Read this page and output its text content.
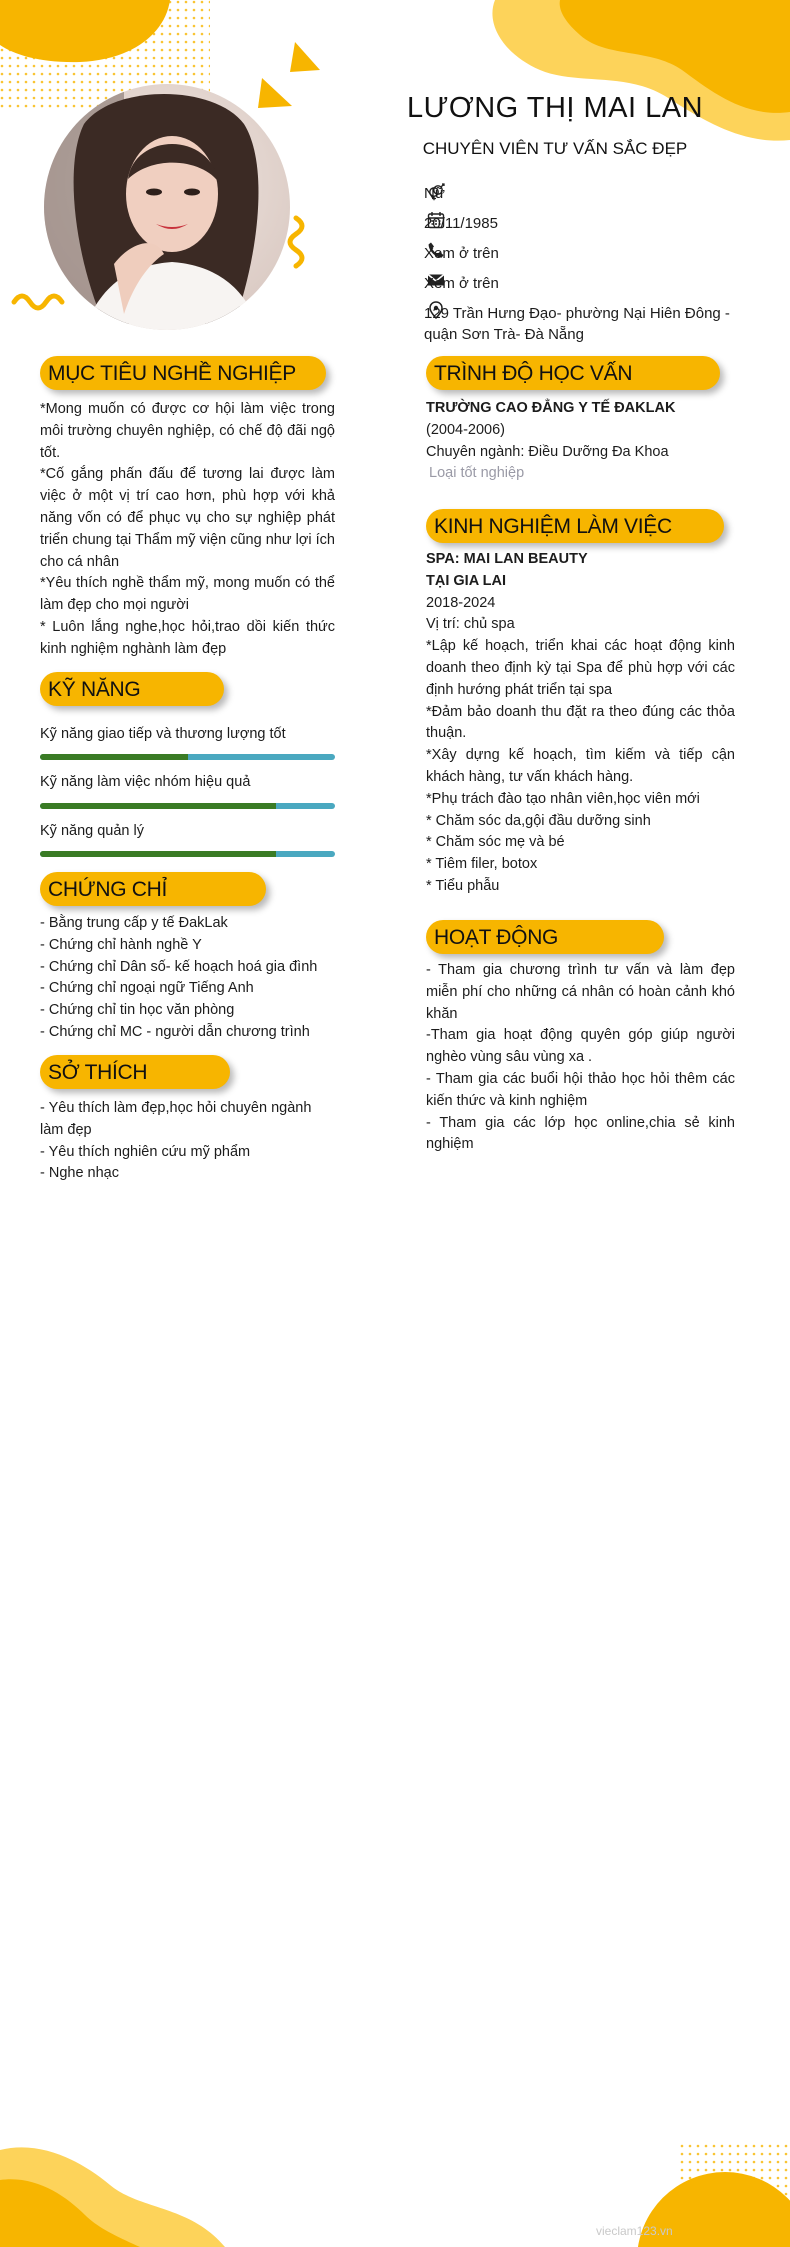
LƯƠNG THỊ MAI LAN
CHUYÊN VIÊN TƯ VẤN SẮC ĐẸP
Nữ
20/11/1985
Xem ở trên
Xem ở trên
129 Trần Hưng Đạo- phường Nại Hiên Đông -
quận Sơn Trà- Đà Nẵng
MỤC TIÊU NGHỀ NGHIỆP

*Mong muốn có được cơ hội làm việc trong môi trường chuyên nghiệp, có chế độ đãi ngộ tốt.

*Cố gắng phấn đấu để tương lai được làm việc ở một vị trí cao hơn, phù hợp với khả năng vốn có để phục vụ cho sự nghiệp phát triển chung tại Thẩm mỹ viện cũng như lợi ích cho cá nhân

*Yêu thích nghề thẩm mỹ, mong muốn có thể làm đẹp cho mọi người

* Luôn lắng nghe,học hỏi,trao dồi kiến thức kinh nghiệm nghành làm đẹp

KỸ NĂNG
Kỹ năng giao tiếp và thương lượng tốt
Kỹ năng làm việc nhóm hiệu quả
Kỹ năng quản lý
CHỨNG CHỈ

- Bằng trung cấp y tế ĐakLak

- Chứng chỉ hành nghề Y

- Chứng chỉ Dân số- kế hoạch hoá gia đình

- Chứng chỉ ngoại ngữ Tiếng Anh

- Chứng chỉ tin học văn phòng

- Chứng chỉ MC - người dẫn chương trình

SỞ THÍCH

- Yêu thích làm đẹp,học hỏi chuyên ngành làm đẹp

- Yêu thích nghiên cứu mỹ phẩm

- Nghe nhạc

TRÌNH ĐỘ HỌC VẤN

TRƯỜNG CAO ĐẲNG Y TẾ ĐAKLAK

(2004-2006)

Chuyên ngành: Điều Dưỡng Đa Khoa

Loại tốt nghiệp

KINH NGHIỆM LÀM VIỆC

SPA: MAI LAN BEAUTY

TẠI GIA LAI

2018-2024

Vị trí: chủ spa

*Lập kế hoạch, triển khai các hoạt động kinh doanh theo định kỳ tại Spa để phù hợp với các định hướng phát triển tại spa

*Đảm bảo doanh thu đặt ra theo đúng các thỏa thuận.

*Xây dựng kế hoạch, tìm kiếm và tiếp cận khách hàng, tư vấn khách hàng.

*Phụ trách đào tạo nhân viên,học viên mới

* Chăm sóc da,gội đầu dưỡng sinh

* Chăm sóc mẹ và bé

* Tiêm filer, botox

* Tiểu phẫu

HOẠT ĐỘNG

- Tham gia chương trình tư vấn và làm đẹp miễn phí cho những cá nhân có hoàn cảnh khó khăn

-Tham gia hoạt động quyên góp giúp người nghèo vùng sâu vùng xa .

- Tham gia các buổi hội thảo học hỏi thêm các kiến thức và kinh nghiệm

- Tham gia các lớp học online,chia sẻ kinh nghiệm

vieclam123.vn
